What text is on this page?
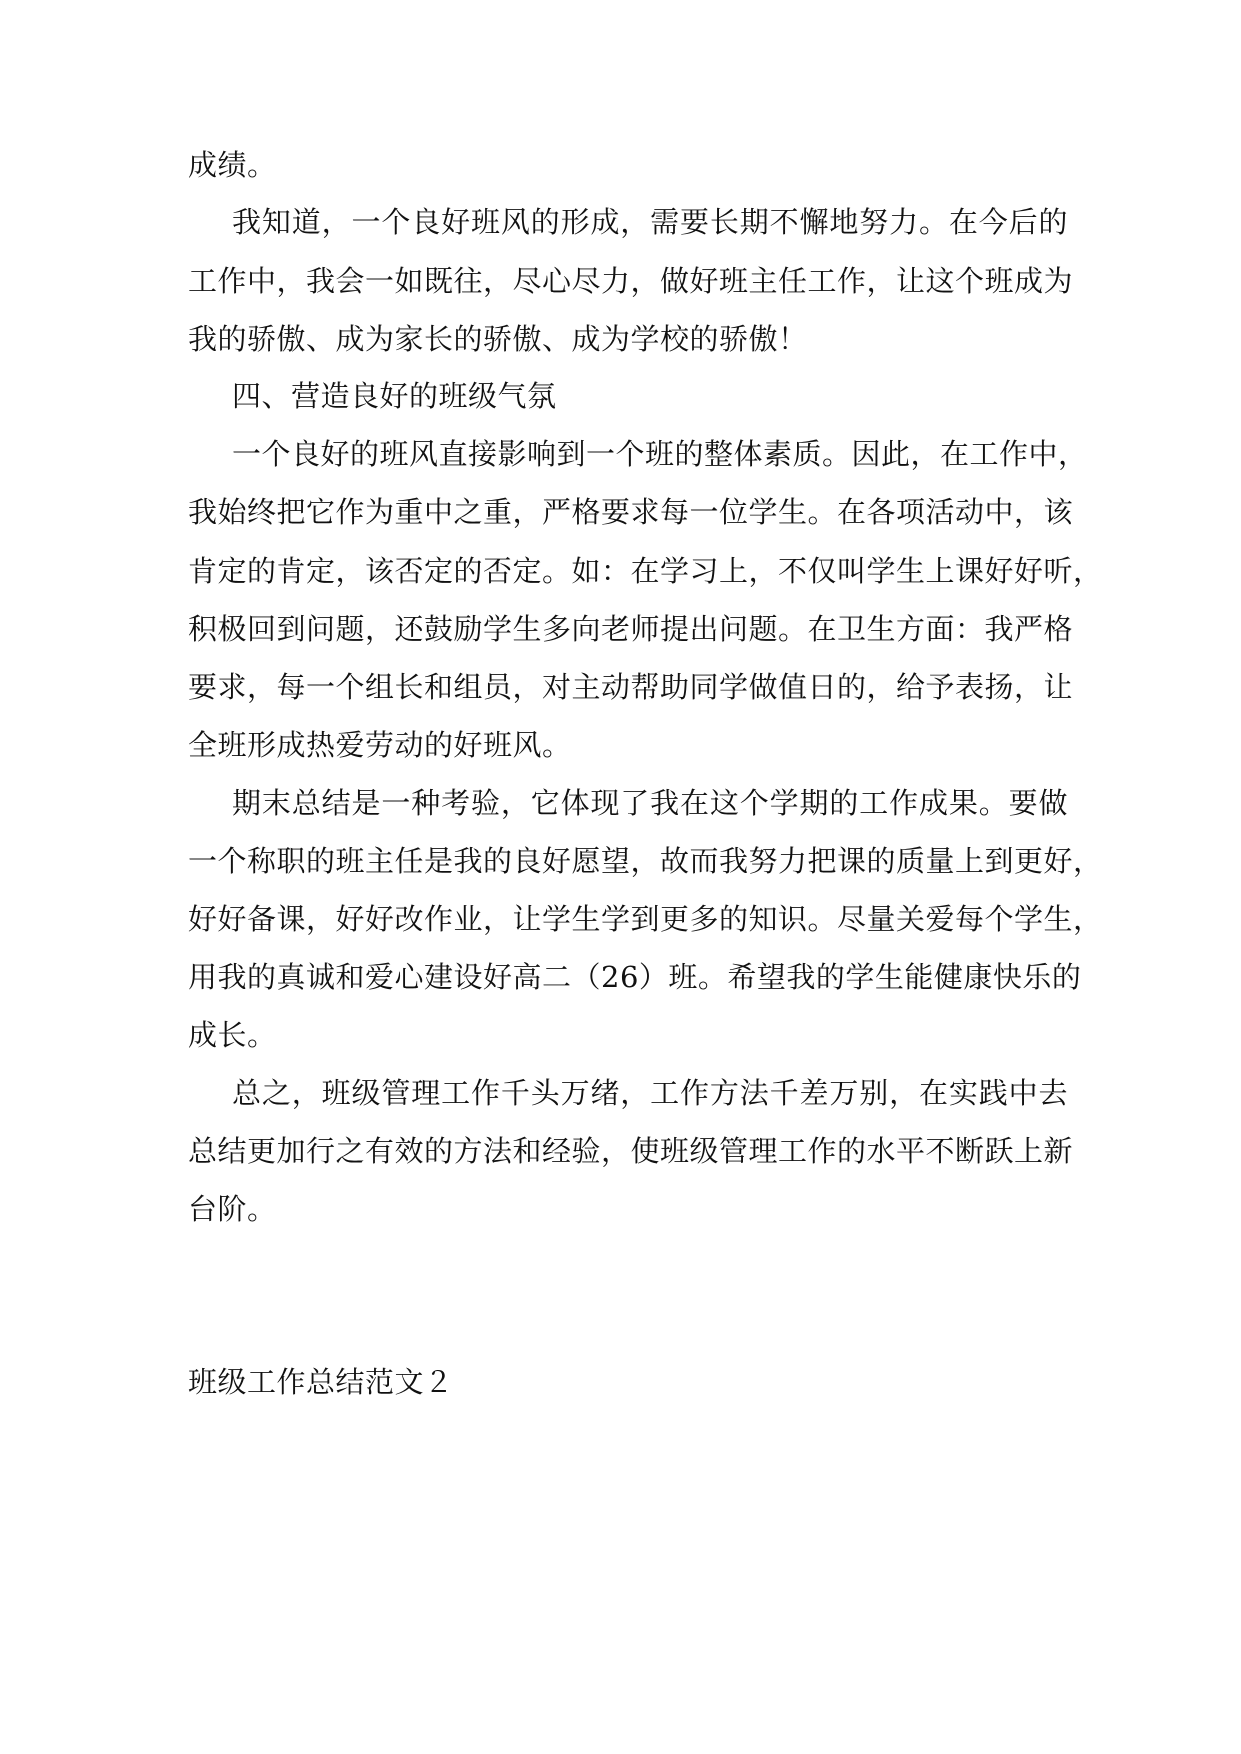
成绩。
我知道，一个良好班风的形成，需要长期不懈地努力。在今后的
工作中，我会一如既往，尽心尽力，做好班主任工作，让这个班成为
我的骄傲、成为家长的骄傲、成为学校的骄傲！
四、营造良好的班级气氛
一个良好的班风直接影响到一个班的整体素质。因此，在工作中，
我始终把它作为重中之重，严格要求每一位学生。在各项活动中，该
肯定的肯定，该否定的否定。如：在学习上，不仅叫学生上课好好听，
积极回到问题，还鼓励学生多向老师提出问题。在卫生方面：我严格
要求，每一个组长和组员，对主动帮助同学做值日的，给予表扬，让
全班形成热爱劳动的好班风。
期末总结是一种考验，它体现了我在这个学期的工作成果。要做
一个称职的班主任是我的良好愿望，故而我努力把课的质量上到更好，
好好备课，好好改作业，让学生学到更多的知识。尽量关爱每个学生，
用我的真诚和爱心建设好高二（26）班。希望我的学生能健康快乐的
成长。
总之，班级管理工作千头万绪，工作方法千差万别，在实践中去
总结更加行之有效的方法和经验，使班级管理工作的水平不断跃上新
台阶。
班级工作总结范文２
